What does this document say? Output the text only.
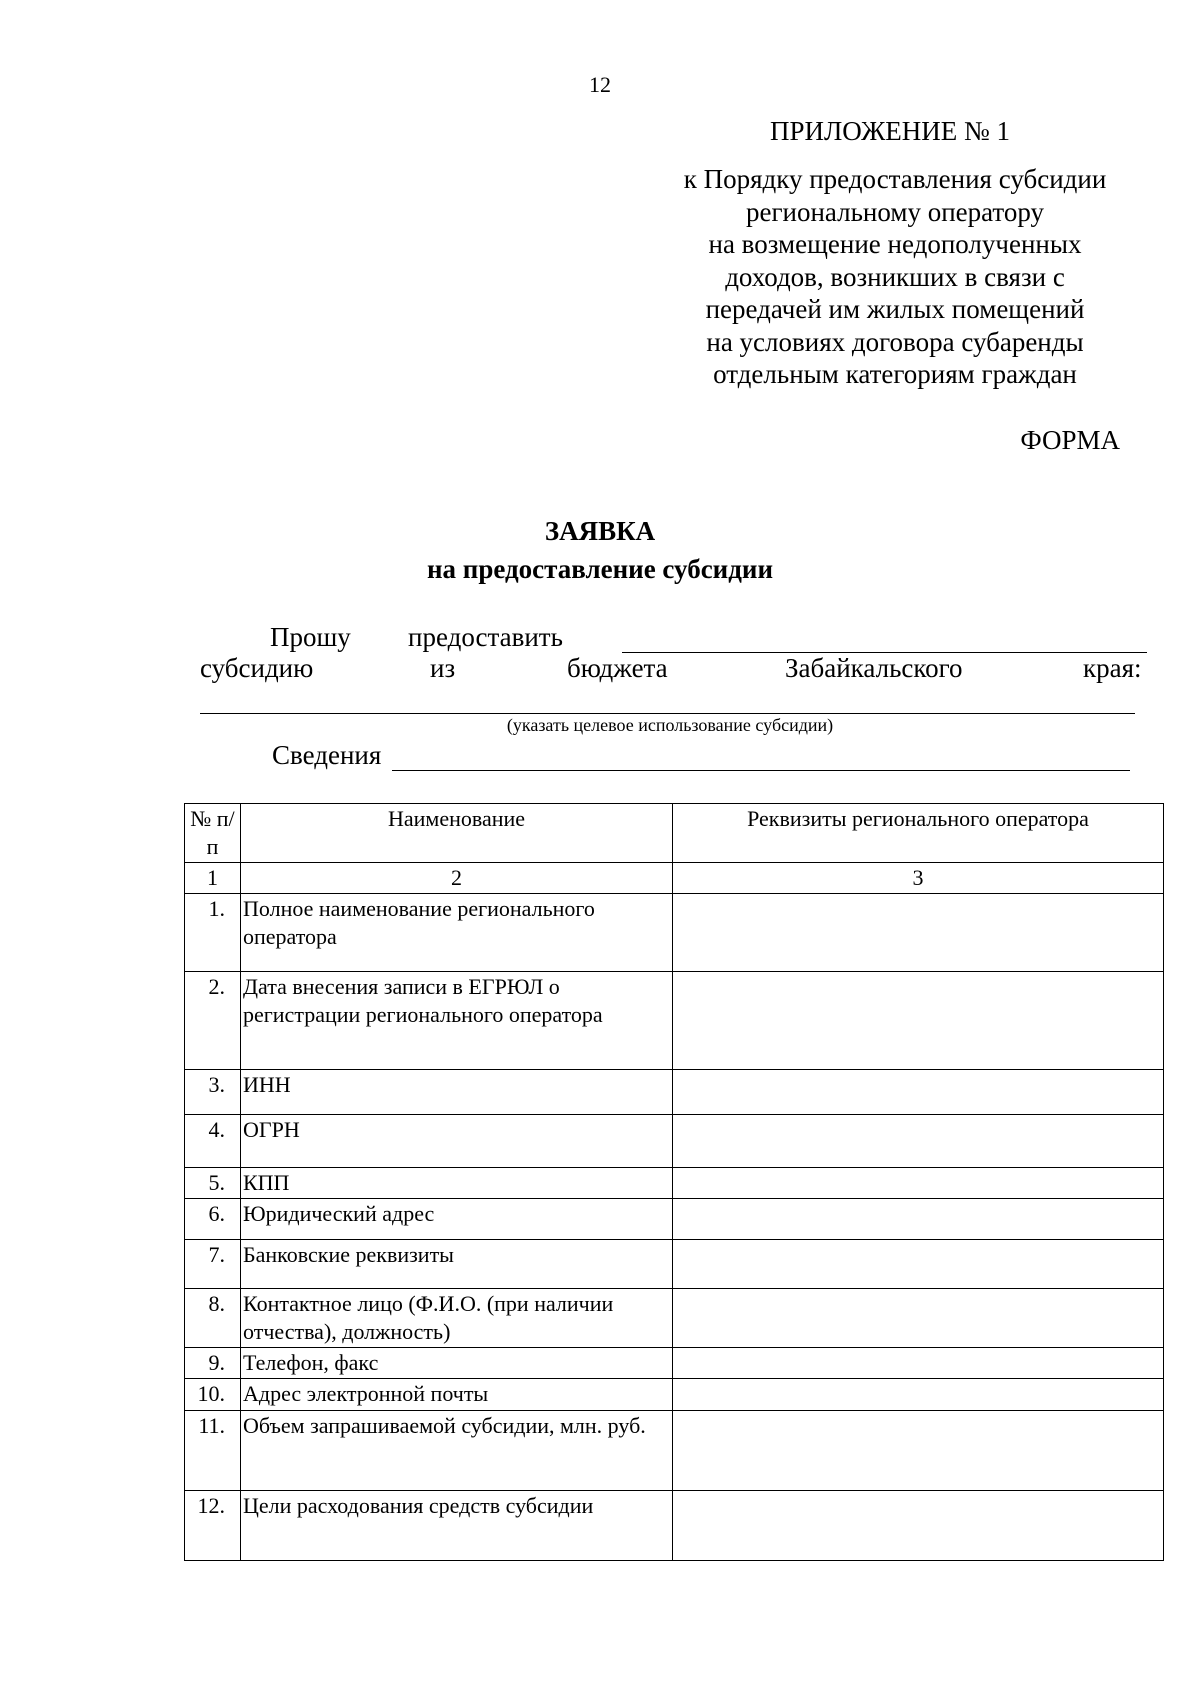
12
ПРИЛОЖЕНИЕ № 1
к Порядку предоставления субсидии
региональному оператору
на возмещение недополученных
доходов, возникших в связи с
передачей им жилых помещений
на условиях договора субаренды
отдельным категориям граждан
ФОРМА
ЗАЯВКА
на предоставление субсидии
Прошу предоставить
субсидию	из	бюджета	Забайкальского	края:
(указать целевое использование субсидии)
Сведения
№ п/п	Наименование	Реквизиты регионального оператора
1	2	3
1.	Полное наименование регионального оператора	
2.	Дата внесения записи в ЕГРЮЛ о регистрации регионального оператора	
3.	ИНН	
4.	ОГРН	
5.	КПП	
6.	Юридический адрес	
7.	Банковские реквизиты	
8.	Контактное лицо (Ф.И.О. (при наличии отчества), должность)	
9.	Телефон, факс	
10.	Адрес электронной почты	
11.	Объем запрашиваемой субсидии, млн. руб.	
12.	Цели расходования средств субсидии	
